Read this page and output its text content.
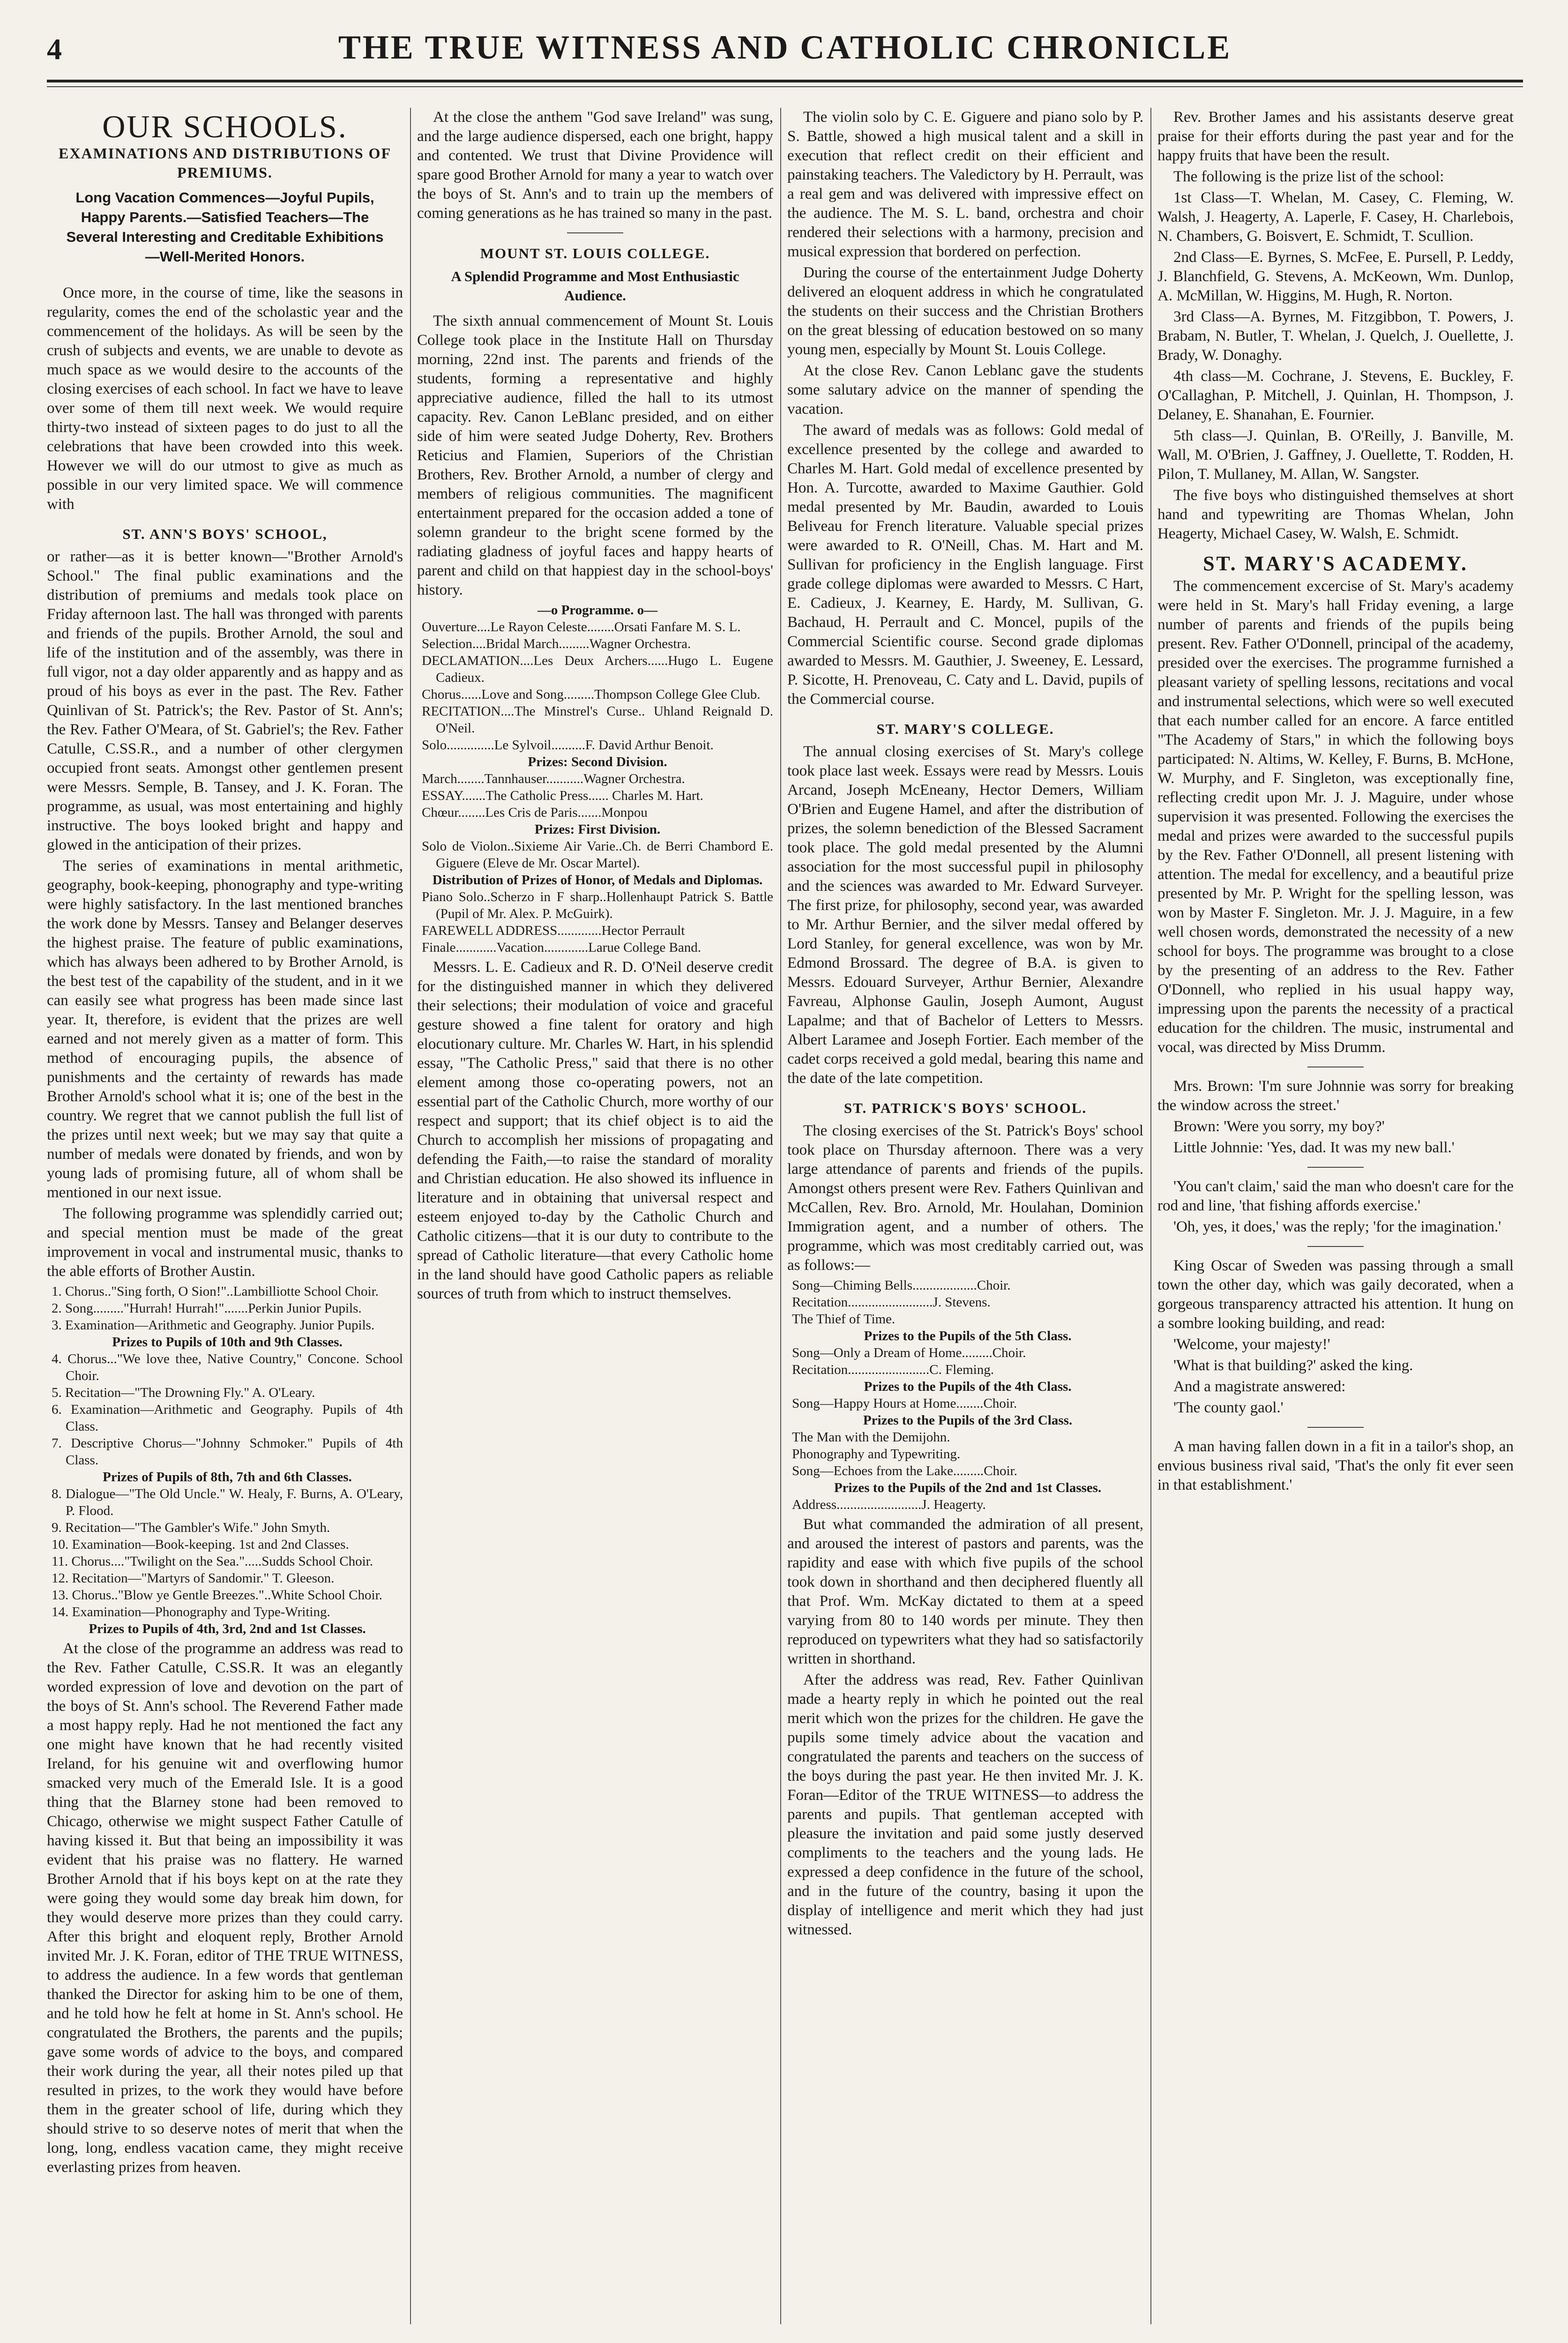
4	THE TRUE WITNESS AND CATHOLIC CHRONICLE
OUR SCHOOLS.
EXAMINATIONS AND DISTRIBUTIONS OF PREMIUMS.
Long Vacation Commences—Joyful Pupils, Happy Parents.—Satisfied Teachers—The Several Interesting and Creditable Exhibitions—Well-Merited Honors.

Once more, in the course of time, like the seasons in regularity, comes the end of the scholastic year and the commencement of the holidays. As will be seen by the crush of subjects and events, we are unable to devote as much space as we would desire to the accounts of the closing exercises of each school. In fact we have to leave over some of them till next week. We would require thirty-two instead of sixteen pages to do just to all the celebrations that have been crowded into this week. However we will do our utmost to give as much as possible in our very limited space. We will commence with

ST. ANN'S BOYS' SCHOOL,

or rather—as it is better known—"Brother Arnold's School." The final public examinations and the distribution of premiums and medals took place on Friday afternoon last. The hall was thronged with parents and friends of the pupils. Brother Arnold, the soul and life of the institution and of the assembly, was there in full vigor, not a day older apparently and as happy and as proud of his boys as ever in the past. The Rev. Father Quinlivan of St. Patrick's; the Rev. Pastor of St. Ann's; the Rev. Father O'Meara, of St. Gabriel's; the Rev. Father Catulle, C.SS.R., and a number of other clergymen occupied front seats. Amongst other gentlemen present were Messrs. Semple, B. Tansey, and J. K. Foran. The programme, as usual, was most entertaining and highly instructive. The boys looked bright and happy and glowed in the anticipation of their prizes.

The series of examinations in mental arithmetic, geography, book-keeping, phonography and type-writing were highly satisfactory. In the last mentioned branches the work done by Messrs. Tansey and Belanger deserves the highest praise. The feature of public examinations, which has always been adhered to by Brother Arnold, is the best test of the capability of the student, and in it we can easily see what progress has been made since last year. It, therefore, is evident that the prizes are well earned and not merely given as a matter of form. This method of encouraging pupils, the absence of punishments and the certainty of rewards has made Brother Arnold's school what it is; one of the best in the country. We regret that we cannot publish the full list of the prizes until next week; but we may say that quite a number of medals were donated by friends, and won by young lads of promising future, all of whom shall be mentioned in our next issue.

The following programme was splendidly carried out; and special mention must be made of the great improvement in vocal and instrumental music, thanks to the able efforts of Brother Austin.

1. Chorus.."Sing forth, O Sion!"..Lambilliotte School Choir.
2. Song........."Hurrah! Hurrah!".......Perkin Junior Pupils.
3. Examination—Arithmetic and Geography. Junior Pupils.
Prizes to Pupils of 10th and 9th Classes.
4. Chorus..."We love thee, Native Country," Concone. School Choir.
5. Recitation—"The Drowning Fly." A. O'Leary.
6. Examination—Arithmetic and Geography. Pupils of 4th Class.
7. Descriptive Chorus—"Johnny Schmoker." Pupils of 4th Class.
Prizes of Pupils of 8th, 7th and 6th Classes.
8. Dialogue—"The Old Uncle." W. Healy, F. Burns, A. O'Leary, P. Flood.
9. Recitation—"The Gambler's Wife." John Smyth.
10. Examination—Book-keeping. 1st and 2nd Classes.
11. Chorus...."Twilight on the Sea.".....Sudds School Choir.
12. Recitation—"Martyrs of Sandomir." T. Gleeson.
13. Chorus.."Blow ye Gentle Breezes."..White School Choir.
14. Examination—Phonography and Type-Writing.
Prizes to Pupils of 4th, 3rd, 2nd and 1st Classes.

At the close of the programme an address was read to the Rev. Father Catulle, C.SS.R. It was an elegantly worded expression of love and devotion on the part of the boys of St. Ann's school. The Reverend Father made a most happy reply. Had he not mentioned the fact any one might have known that he had recently visited Ireland, for his genuine wit and overflowing humor smacked very much of the Emerald Isle. It is a good thing that the Blarney stone had been removed to Chicago, otherwise we might suspect Father Catulle of having kissed it. But that being an impossibility it was evident that his praise was no flattery. He warned Brother Arnold that if his boys kept on at the rate they were going they would some day break him down, for they would deserve more prizes than they could carry. After this bright and eloquent reply, Brother Arnold invited Mr. J. K. Foran, editor of THE TRUE WITNESS, to address the audience. In a few words that gentleman thanked the Director for asking him to be one of them, and he told how he felt at home in St. Ann's school. He congratulated the Brothers, the parents and the pupils; gave some words of advice to the boys, and compared their work during the year, all their notes piled up that resulted in prizes, to the work they would have before them in the greater school of life, during which they should strive to so deserve notes of merit that when the long, long, endless vacation came, they might receive everlasting prizes from heaven.

At the close the anthem "God save Ireland" was sung, and the large audience dispersed, each one bright, happy and contented. We trust that Divine Providence will spare good Brother Arnold for many a year to watch over the boys of St. Ann's and to train up the members of coming generations as he has trained so many in the past.

MOUNT ST. LOUIS COLLEGE.
A Splendid Programme and Most Enthusiastic Audience.

The sixth annual commencement of Mount St. Louis College took place in the Institute Hall on Thursday morning, 22nd inst. The parents and friends of the students, forming a representative and highly appreciative audience, filled the hall to its utmost capacity. Rev. Canon LeBlanc presided, and on either side of him were seated Judge Doherty, Rev. Brothers Reticius and Flamien, Superiors of the Christian Brothers, Rev. Brother Arnold, a number of clergy and members of religious communities. The magnificent entertainment prepared for the occasion added a tone of solemn grandeur to the bright scene formed by the radiating gladness of joyful faces and happy hearts of parent and child on that happiest day in the school-boys' history.

—o Programme. o—
Ouverture....Le Rayon Celeste........Orsati Fanfare M. S. L.
Selection....Bridal March.........Wagner Orchestra.
DECLAMATION....Les Deux Archers......Hugo L. Eugene Cadieux.
Chorus......Love and Song.........Thompson College Glee Club.
RECITATION....The Minstrel's Curse.. Uhland Reignald D. O'Neil.
Solo..............Le Sylvoil..........F. David Arthur Benoit.
Prizes: Second Division.
March........Tannhauser...........Wagner Orchestra.
ESSAY.......The Catholic Press...... Charles M. Hart.
Chœur........Les Cris de Paris.......Monpou
Prizes: First Division.
Solo de Violon..Sixieme Air Varie..Ch. de Berri Chambord E. Giguere (Eleve de Mr. Oscar Martel).
Distribution of Prizes of Honor, of Medals and Diplomas.
Piano Solo..Scherzo in F sharp..Hollenhaupt Patrick S. Battle (Pupil of Mr. Alex. P. McGuirk).
FAREWELL ADDRESS.............Hector Perrault
Finale............Vacation.............Larue College Band.

Messrs. L. E. Cadieux and R. D. O'Neil deserve credit for the distinguished manner in which they delivered their selections; their modulation of voice and graceful gesture showed a fine talent for oratory and high elocutionary culture. Mr. Charles W. Hart, in his splendid essay, "The Catholic Press," said that there is no other element among those co-operating powers, not an essential part of the Catholic Church, more worthy of our respect and support; that its chief object is to aid the Church to accomplish her missions of propagating and defending the Faith,—to raise the standard of morality and Christian education. He also showed its influence in literature and in obtaining that universal respect and esteem enjoyed to-day by the Catholic Church and Catholic citizens—that it is our duty to contribute to the spread of Catholic literature—that every Catholic home in the land should have good Catholic papers as reliable sources of truth from which to instruct themselves.

The violin solo by C. E. Giguere and piano solo by P. S. Battle, showed a high musical talent and a skill in execution that reflect credit on their efficient and painstaking teachers. The Valedictory by H. Perrault, was a real gem and was delivered with impressive effect on the audience. The M. S. L. band, orchestra and choir rendered their selections with a harmony, precision and musical expression that bordered on perfection.

During the course of the entertainment Judge Doherty delivered an eloquent address in which he congratulated the students on their success and the Christian Brothers on the great blessing of education bestowed on so many young men, especially by Mount St. Louis College.

At the close Rev. Canon Leblanc gave the students some salutary advice on the manner of spending the vacation.

The award of medals was as follows: Gold medal of excellence presented by the college and awarded to Charles M. Hart. Gold medal of excellence presented by Hon. A. Turcotte, awarded to Maxime Gauthier. Gold medal presented by Mr. Baudin, awarded to Louis Beliveau for French literature. Valuable special prizes were awarded to R. O'Neill, Chas. M. Hart and M. Sullivan for proficiency in the English language. First grade college diplomas were awarded to Messrs. C Hart, E. Cadieux, J. Kearney, E. Hardy, M. Sullivan, G. Bachaud, H. Perrault and C. Moncel, pupils of the Commercial Scientific course. Second grade diplomas awarded to Messrs. M. Gauthier, J. Sweeney, E. Lessard, P. Sicotte, H. Prenoveau, C. Caty and L. David, pupils of the Commercial course.

ST. MARY'S COLLEGE.

The annual closing exercises of St. Mary's college took place last week. Essays were read by Messrs. Louis Arcand, Joseph McEneany, Hector Demers, William O'Brien and Eugene Hamel, and after the distribution of prizes, the solemn benediction of the Blessed Sacrament took place. The gold medal presented by the Alumni association for the most successful pupil in philosophy and the sciences was awarded to Mr. Edward Surveyer. The first prize, for philosophy, second year, was awarded to Mr. Arthur Bernier, and the silver medal offered by Lord Stanley, for general excellence, was won by Mr. Edmond Brossard. The degree of B.A. is given to Messrs. Edouard Surveyer, Arthur Bernier, Alexandre Favreau, Alphonse Gaulin, Joseph Aumont, August Lapalme; and that of Bachelor of Letters to Messrs. Albert Laramee and Joseph Fortier. Each member of the cadet corps received a gold medal, bearing this name and the date of the late competition.

ST. PATRICK'S BOYS' SCHOOL.

The closing exercises of the St. Patrick's Boys' school took place on Thursday afternoon. There was a very large attendance of parents and friends of the pupils. Amongst others present were Rev. Fathers Quinlivan and McCallen, Rev. Bro. Arnold, Mr. Houlahan, Dominion Immigration agent, and a number of others. The programme, which was most creditably carried out, was as follows:—

Song—Chiming Bells...................Choir.
Recitation.........................J. Stevens.
The Thief of Time.
Prizes to the Pupils of the 5th Class.
Song—Only a Dream of Home.........Choir.
Recitation........................C. Fleming.
Prizes to the Pupils of the 4th Class.
Song—Happy Hours at Home........Choir.
Prizes to the Pupils of the 3rd Class.
The Man with the Demijohn.
Phonography and Typewriting.
Song—Echoes from the Lake.........Choir.
Prizes to the Pupils of the 2nd and 1st Classes.
Address.........................J. Heagerty.

But what commanded the admiration of all present, and aroused the interest of pastors and parents, was the rapidity and ease with which five pupils of the school took down in shorthand and then deciphered fluently all that Prof. Wm. McKay dictated to them at a speed varying from 80 to 140 words per minute. They then reproduced on typewriters what they had so satisfactorily written in shorthand.

After the address was read, Rev. Father Quinlivan made a hearty reply in which he pointed out the real merit which won the prizes for the children. He gave the pupils some timely advice about the vacation and congratulated the parents and teachers on the success of the boys during the past year. He then invited Mr. J. K. Foran—Editor of the TRUE WITNESS—to address the parents and pupils. That gentleman accepted with pleasure the invitation and paid some justly deserved compliments to the teachers and the young lads. He expressed a deep confidence in the future of the school, and in the future of the country, basing it upon the display of intelligence and merit which they had just witnessed.

Rev. Brother James and his assistants deserve great praise for their efforts during the past year and for the happy fruits that have been the result.

The following is the prize list of the school:

1st Class—T. Whelan, M. Casey, C. Fleming, W. Walsh, J. Heagerty, A. Laperle, F. Casey, H. Charlebois, N. Chambers, G. Boisvert, E. Schmidt, T. Scullion.

2nd Class—E. Byrnes, S. McFee, E. Pursell, P. Leddy, J. Blanchfield, G. Stevens, A. McKeown, Wm. Dunlop, A. McMillan, W. Higgins, M. Hugh, R. Norton.

3rd Class—A. Byrnes, M. Fitzgibbon, T. Powers, J. Brabam, N. Butler, T. Whelan, J. Quelch, J. Ouellette, J. Brady, W. Donaghy.

4th class—M. Cochrane, J. Stevens, E. Buckley, F. O'Callaghan, P. Mitchell, J. Quinlan, H. Thompson, J. Delaney, E. Shanahan, E. Fournier.

5th class—J. Quinlan, B. O'Reilly, J. Banville, M. Wall, M. O'Brien, J. Gaffney, J. Ouellette, T. Rodden, H. Pilon, T. Mullaney, M. Allan, W. Sangster.

The five boys who distinguished themselves at short hand and typewriting are Thomas Whelan, John Heagerty, Michael Casey, W. Walsh, E. Schmidt.

ST. MARY'S ACADEMY.

The commencement excercise of St. Mary's academy were held in St. Mary's hall Friday evening, a large number of parents and friends of the pupils being present. Rev. Father O'Donnell, principal of the academy, presided over the exercises. The programme furnished a pleasant variety of spelling lessons, recitations and vocal and instrumental selections, which were so well executed that each number called for an encore. A farce entitled "The Academy of Stars," in which the following boys participated: N. Altims, W. Kelley, F. Burns, B. McHone, W. Murphy, and F. Singleton, was exceptionally fine, reflecting credit upon Mr. J. J. Maguire, under whose supervision it was presented. Following the exercises the medal and prizes were awarded to the successful pupils by the Rev. Father O'Donnell, all present listening with attention. The medal for excellency, and a beautiful prize presented by Mr. P. Wright for the spelling lesson, was won by Master F. Singleton. Mr. J. J. Maguire, in a few well chosen words, demonstrated the necessity of a new school for boys. The programme was brought to a close by the presenting of an address to the Rev. Father O'Donnell, who replied in his usual happy way, impressing upon the parents the necessity of a practical education for the children. The music, instrumental and vocal, was directed by Miss Drumm.

Mrs. Brown: 'I'm sure Johnnie was sorry for breaking the window across the street.'

Brown: 'Were you sorry, my boy?'

Little Johnnie: 'Yes, dad. It was my new ball.'

'You can't claim,' said the man who doesn't care for the rod and line, 'that fishing affords exercise.'

'Oh, yes, it does,' was the reply; 'for the imagination.'

King Oscar of Sweden was passing through a small town the other day, which was gaily decorated, when a gorgeous transparency attracted his attention. It hung on a sombre looking building, and read:

'Welcome, your majesty!'

'What is that building?' asked the king.

And a magistrate answered:

'The county gaol.'

A man having fallen down in a fit in a tailor's shop, an envious business rival said, 'That's the only fit ever seen in that establishment.'
